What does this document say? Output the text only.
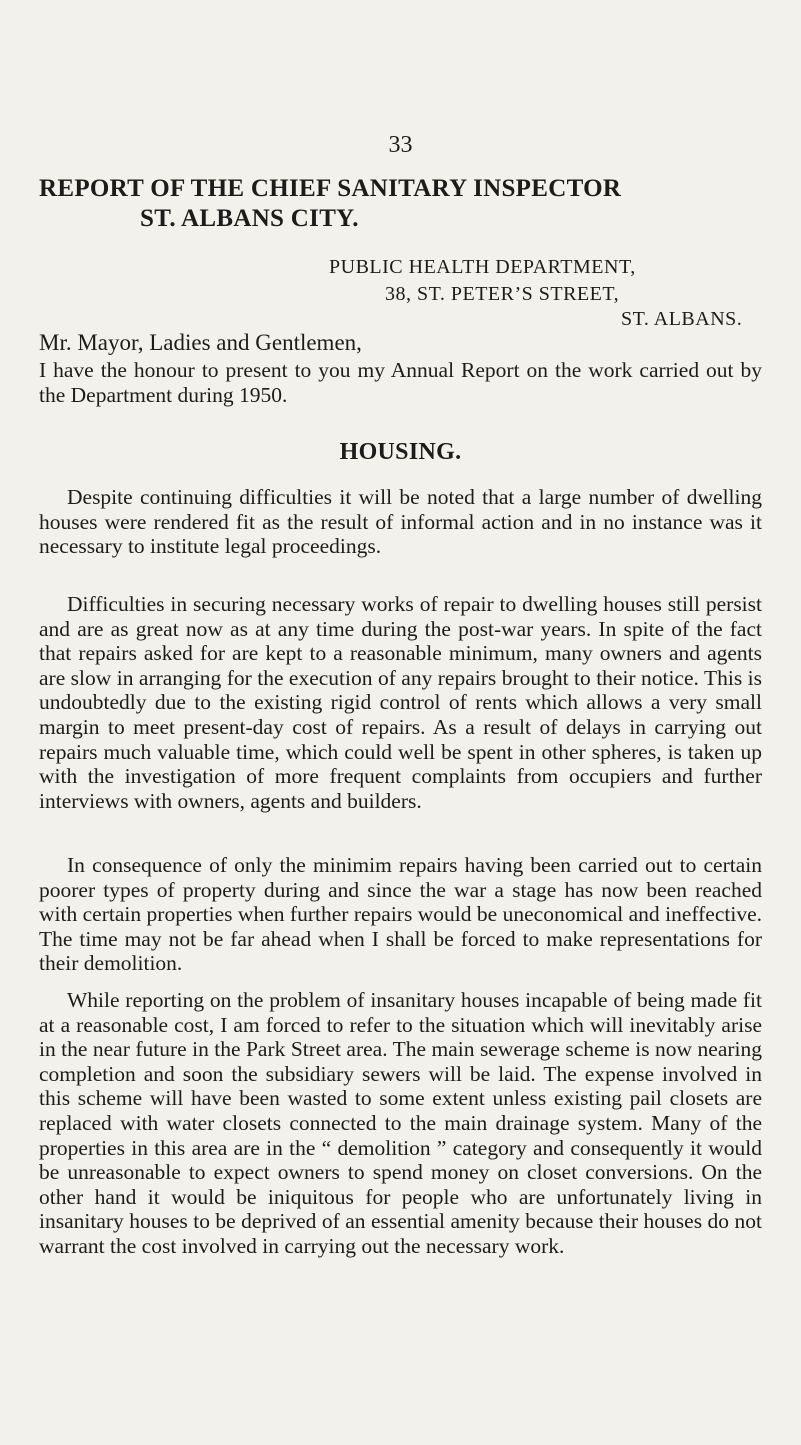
33
REPORT OF THE CHIEF SANITARY INSPECTOR
ST. ALBANS CITY.
PUBLIC HEALTH DEPARTMENT,
38, ST. PETER’S STREET,
ST. ALBANS.
Mr. Mayor, Ladies and Gentlemen,

I have the honour to present to you my Annual Report on the work carried out by the Department during 1950.

HOUSING.

Despite continuing difficulties it will be noted that a large number of dwelling houses were rendered fit as the result of informal action and in no instance was it necessary to institute legal proceedings.

Difficulties in securing necessary works of repair to dwelling houses still persist and are as great now as at any time during the post-war years. In spite of the fact that repairs asked for are kept to a reasonable minimum, many owners and agents are slow in arranging for the execution of any repairs brought to their notice. This is undoubtedly due to the existing rigid control of rents which allows a very small margin to meet present-day cost of repairs. As a result of delays in carrying out repairs much valuable time, which could well be spent in other spheres, is taken up with the investigation of more frequent complaints from occupiers and further interviews with owners, agents and builders.

In consequence of only the minimim repairs having been carried out to certain poorer types of property during and since the war a stage has now been reached with certain properties when further repairs would be uneconomical and ineffective. The time may not be far ahead when I shall be forced to make representations for their demolition.

While reporting on the problem of insanitary houses incapable of being made fit at a reasonable cost, I am forced to refer to the situation which will inevitably arise in the near future in the Park Street area. The main sewerage scheme is now nearing completion and soon the subsidiary sewers will be laid. The expense involved in this scheme will have been wasted to some extent unless existing pail closets are replaced with water closets connected to the main drainage system. Many of the properties in this area are in the “ demolition ” category and consequently it would be unreasonable to expect owners to spend money on closet conversions. On the other hand it would be iniquitous for people who are unfortunately living in insanitary houses to be deprived of an essential amenity because their houses do not warrant the cost involved in carrying out the necessary work.
